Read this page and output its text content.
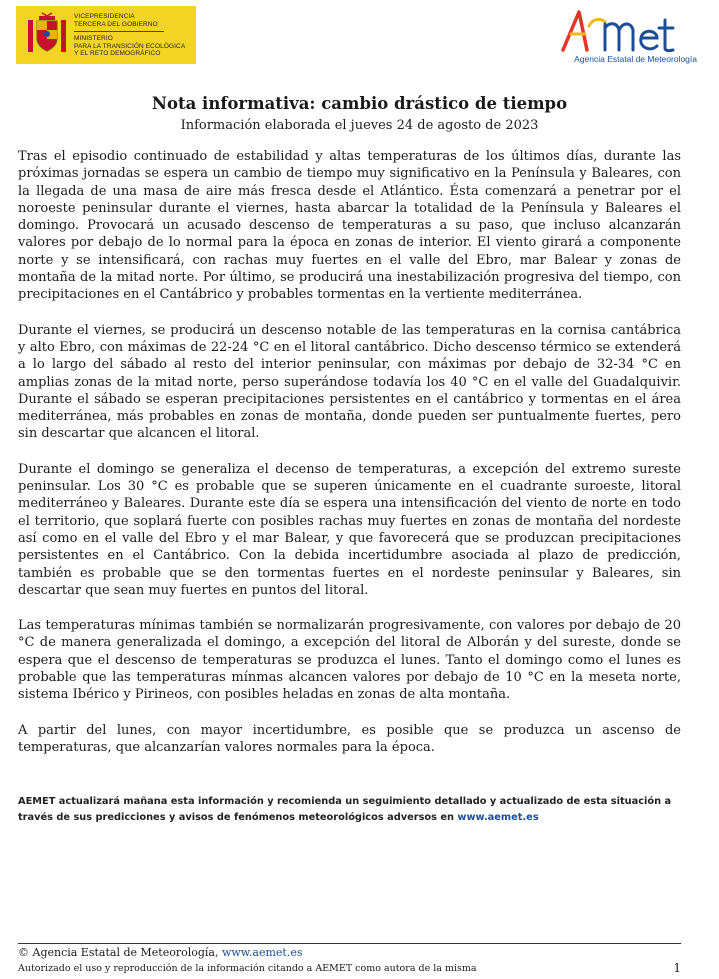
VICEPRESIDENCIA
TERCERA DEL GOBIERNO
MINISTERIO
PARA LA TRANSICIÓN ECOLÓGICA
Y EL RETO DEMOGRÁFICO
Agencia Estatal de Meteorología
Nota informativa: cambio drástico de tiempo
Información elaborada el jueves 24 de agosto de 2023

Tras el episodio continuado de estabilidad y altas temperaturas de los últimos días, durante las próximas jornadas se espera un cambio de tiempo muy significativo en la Península y Baleares, con la llegada de una masa de aire más fresca desde el Atlántico. Ésta comenzará a penetrar por el noroeste peninsular durante el viernes, hasta abarcar la totalidad de la Península y Baleares el domingo. Provocará un acusado descenso de temperaturas a su paso, que incluso alcanzarán valores por debajo de lo normal para la época en zonas de interior. El viento girará a componente norte y se intensificará, con rachas muy fuertes en el valle del Ebro, mar Balear y zonas de montaña de la mitad norte. Por último, se producirá una inestabilización progresiva del tiempo, con precipitaciones en el Cantábrico y probables tormentas en la vertiente mediterránea.

Durante el viernes, se producirá un descenso notable de las temperaturas en la cornisa cantábrica y alto Ebro, con máximas de 22-24 °C en el litoral cantábrico. Dicho descenso térmico se extenderá a lo largo del sábado al resto del interior peninsular, con máximas por debajo de 32-34 °C en amplias zonas de la mitad norte, perso superándose todavía los 40 °C en el valle del Guadalquivir. Durante el sábado se esperan precipitaciones persistentes en el cantábrico y tormentas en el área mediterránea, más probables en zonas de montaña, donde pueden ser puntualmente fuertes, pero sin descartar que alcancen el litoral.

Durante el domingo se generaliza el decenso de temperaturas, a excepción del extremo sureste peninsular. Los 30 °C es probable que se superen únicamente en el cuadrante suroeste, litoral mediterráneo y Baleares. Durante este día se espera una intensificación del viento de norte en todo el territorio, que soplará fuerte con posibles rachas muy fuertes en zonas de montaña del nordeste así como en el valle del Ebro y el mar Balear, y que favorecerá que se produzcan precipitaciones persistentes en el Cantábrico. Con la debida incertidumbre asociada al plazo de predicción, también es probable que se den tormentas fuertes en el nordeste peninsular y Baleares, sin descartar que sean muy fuertes en puntos del litoral.

Las temperaturas mínimas también se normalizarán progresivamente, con valores por debajo de 20 °C de manera generalizada el domingo, a excepción del litoral de Alborán y del sureste, donde se espera que el descenso de temperaturas se produzca el lunes. Tanto el domingo como el lunes es probable que las temperaturas mínmas alcancen valores por debajo de 10 °C en la meseta norte, sistema Ibérico y Pirineos, con posibles heladas en zonas de alta montaña.

A partir del lunes, con mayor incertidumbre, es posible que se produzca un ascenso de temperaturas, que alcanzarían valores normales para la época.

AEMET actualizará mañana esta información y recomienda un seguimiento detallado y actualizado de esta situación a través de sus predicciones y avisos de fenómenos meteorológicos adversos en www.aemet.es
© Agencia Estatal de Meteorología, www.aemet.es
Autorizado el uso y reproducción de la información citando a AEMET como autora de la misma	1
